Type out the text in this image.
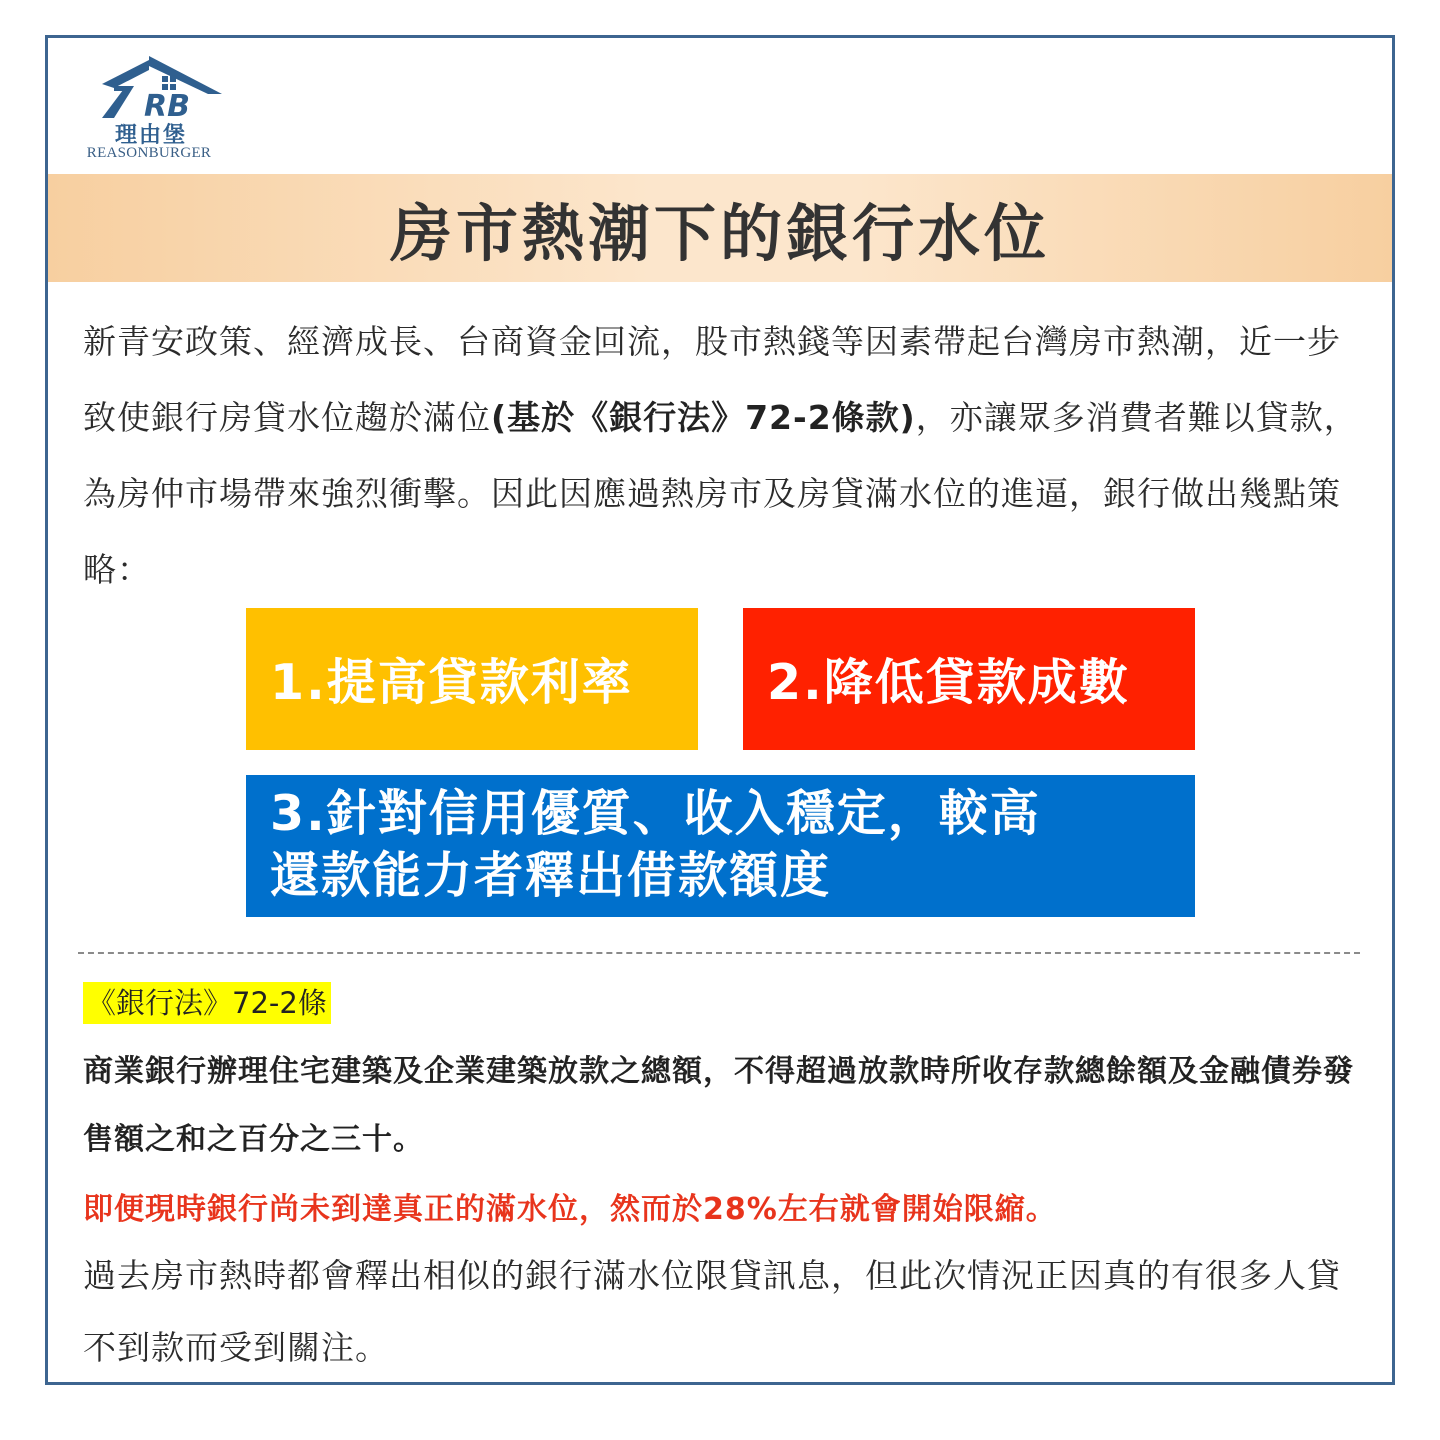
RB
理由堡
REASONBURGER
房市熱潮下的銀行水位

新青安政策、經濟成長、台商資金回流，股市熱錢等因素帶起台灣房市熱潮，近一步致使銀行房貸水位趨於滿位(基於《銀行法》72-2條款)，亦讓眾多消費者難以貸款，為房仲市場帶來強烈衝擊。因此因應過熱房市及房貸滿水位的進逼，銀行做出幾點策略：

1.提高貸款利率	2.降低貸款成數
3.針對信用優質、收入穩定，較高
還款能力者釋出借款額度
《銀行法》72-2條

商業銀行辦理住宅建築及企業建築放款之總額，不得超過放款時所收存款總餘額及金融債券發售額之和之百分之三十。

即便現時銀行尚未到達真正的滿水位，然而於28%左右就會開始限縮。

過去房市熱時都會釋出相似的銀行滿水位限貸訊息，但此次情況正因真的有很多人貸不到款而受到關注。
